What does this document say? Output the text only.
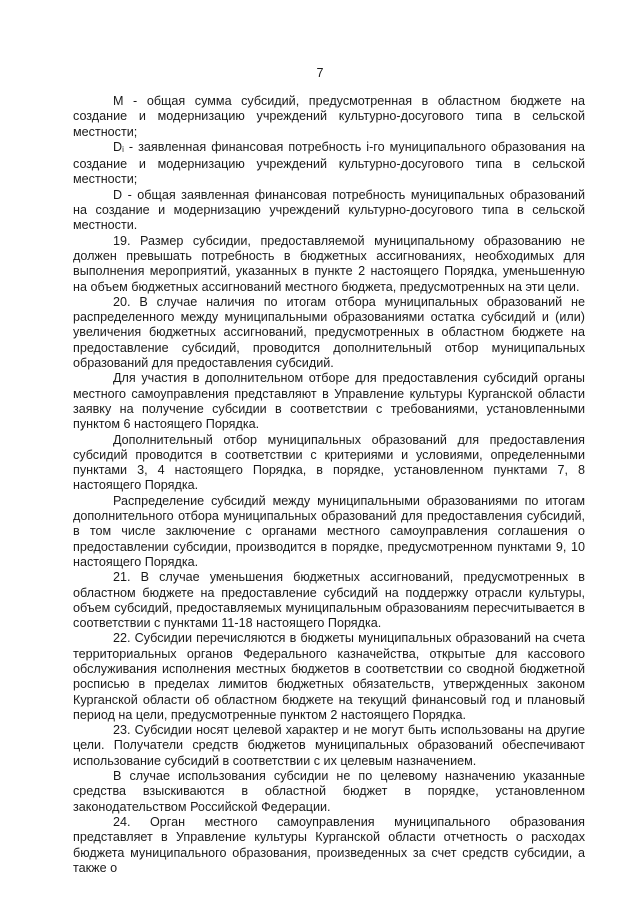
7

М - общая сумма субсидий, предусмотренная в областном бюджете на создание и модернизацию учреждений культурно-досугового типа в сельской местности;

Di - заявленная финансовая потребность i-го муниципального образования на создание и модернизацию учреждений культурно-досугового типа в сельской местности;

D - общая заявленная финансовая потребность муниципальных образований на создание и модернизацию учреждений культурно-досугового типа в сельской местности.

19. Размер субсидии, предоставляемой муниципальному образованию не должен превышать потребность в бюджетных ассигнованиях, необходимых для выполнения мероприятий, указанных в пункте 2 настоящего Порядка, уменьшенную на объем бюджетных ассигнований местного бюджета, предусмотренных на эти цели.

20. В случае наличия по итогам отбора муниципальных образований не распределенного между муниципальными образованиями остатка субсидий и (или) увеличения бюджетных ассигнований, предусмотренных в областном бюджете на предоставление субсидий, проводится дополнительный отбор муниципальных образований для предоставления субсидий.

Для участия в дополнительном отборе для предоставления субсидий органы местного самоуправления представляют в Управление культуры Курганской области заявку на получение субсидии в соответствии с требованиями, установленными пунктом 6 настоящего Порядка.

Дополнительный отбор муниципальных образований для предоставления субсидий проводится в соответствии с критериями и условиями, определенными пунктами 3, 4 настоящего Порядка, в порядке, установленном пунктами 7, 8 настоящего Порядка.

Распределение субсидий между муниципальными образованиями по итогам дополнительного отбора муниципальных образований для предоставления субсидий, в том числе заключение с органами местного самоуправления соглашения о предоставлении субсидии, производится в порядке, предусмотренном пунктами 9, 10 настоящего Порядка.

21. В случае уменьшения бюджетных ассигнований, предусмотренных в областном бюджете на предоставление субсидий на поддержку отрасли культуры, объем субсидий, предоставляемых муниципальным образованиям пересчитывается в соответствии с пунктами 11-18 настоящего Порядка.

22. Субсидии перечисляются в бюджеты муниципальных образований на счета территориальных органов Федерального казначейства, открытые для кассового обслуживания исполнения местных бюджетов в соответствии со сводной бюджетной росписью в пределах лимитов бюджетных обязательств, утвержденных законом Курганской области об областном бюджете на текущий финансовый год и плановый период на цели, предусмотренные пунктом 2 настоящего Порядка.

23. Субсидии носят целевой характер и не могут быть использованы на другие цели. Получатели средств бюджетов муниципальных образований обеспечивают использование субсидий в соответствии с их целевым назначением.

В случае использования субсидии не по целевому назначению указанные средства взыскиваются в областной бюджет в порядке, установленном законодательством Российской Федерации.

24. Орган местного самоуправления муниципального образования представляет в Управление культуры Курганской области отчетность о расходах бюджета муниципального образования, произведенных за счет средств субсидии, а также о
